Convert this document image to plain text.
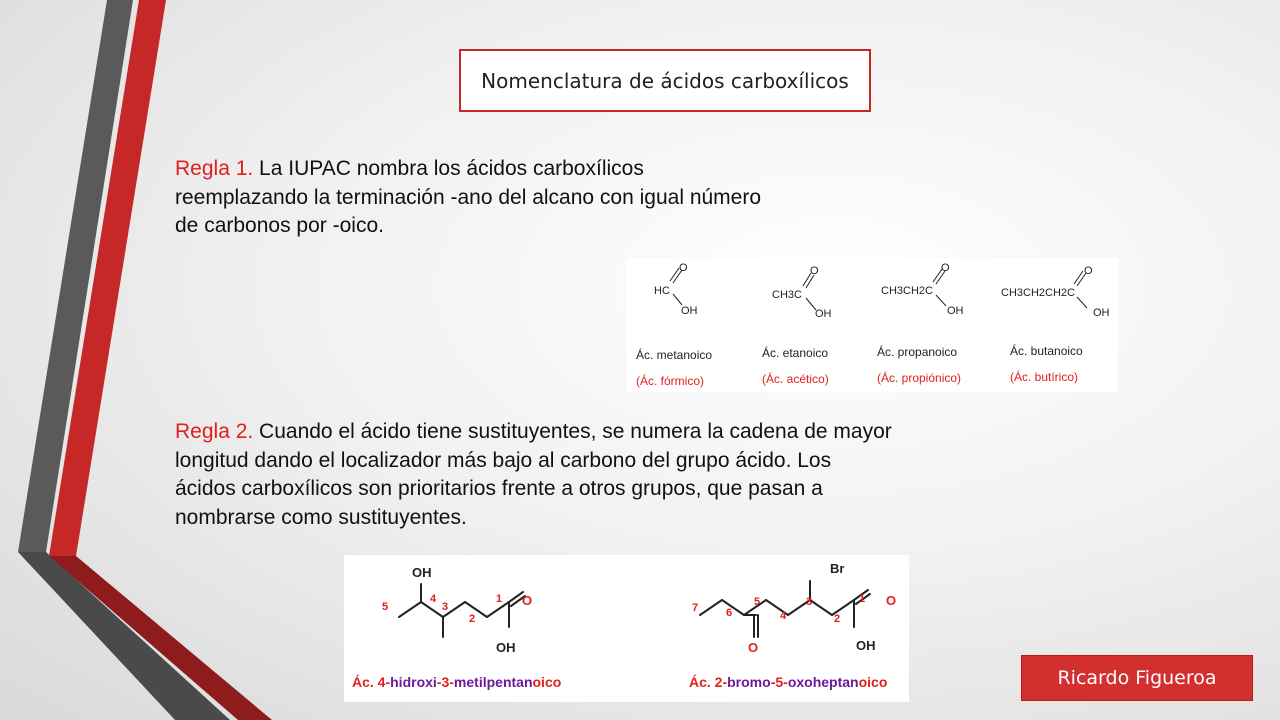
Nomenclatura de ácidos carboxílicos
Regla 1. La IUPAC nombra los ácidos carboxílicos reemplazando la terminación -ano del alcano con igual número de carbonos por -oico.
O
HC
OH
O
CH3C
OH
O
CH3CH2C
OH
O
CH3CH2CH2C
OH
Ác. metanoico
(Ác. fórmico)
Ác. etanoico
(Ác. acético)
Ác. propanoico
(Ác. propiónico)
Ác. butanoico
(Ác. butírico)
Regla 2. Cuando el ácido tiene sustituyentes, se numera la cadena de mayor longitud dando el localizador más bajo al carbono del grupo ácido. Los ácidos carboxílicos son prioritarios frente a otros grupos, que pasan a nombrarse como sustituyentes.
OH
O
OH
Br
O
O
OH
5
4
3
2
1
7	6
5
4
3
2
1
Ác. 4-hidroxi-3-metilpentanoico	Ác. 2-bromo-5-oxoheptanoico	Ricardo Figueroa
